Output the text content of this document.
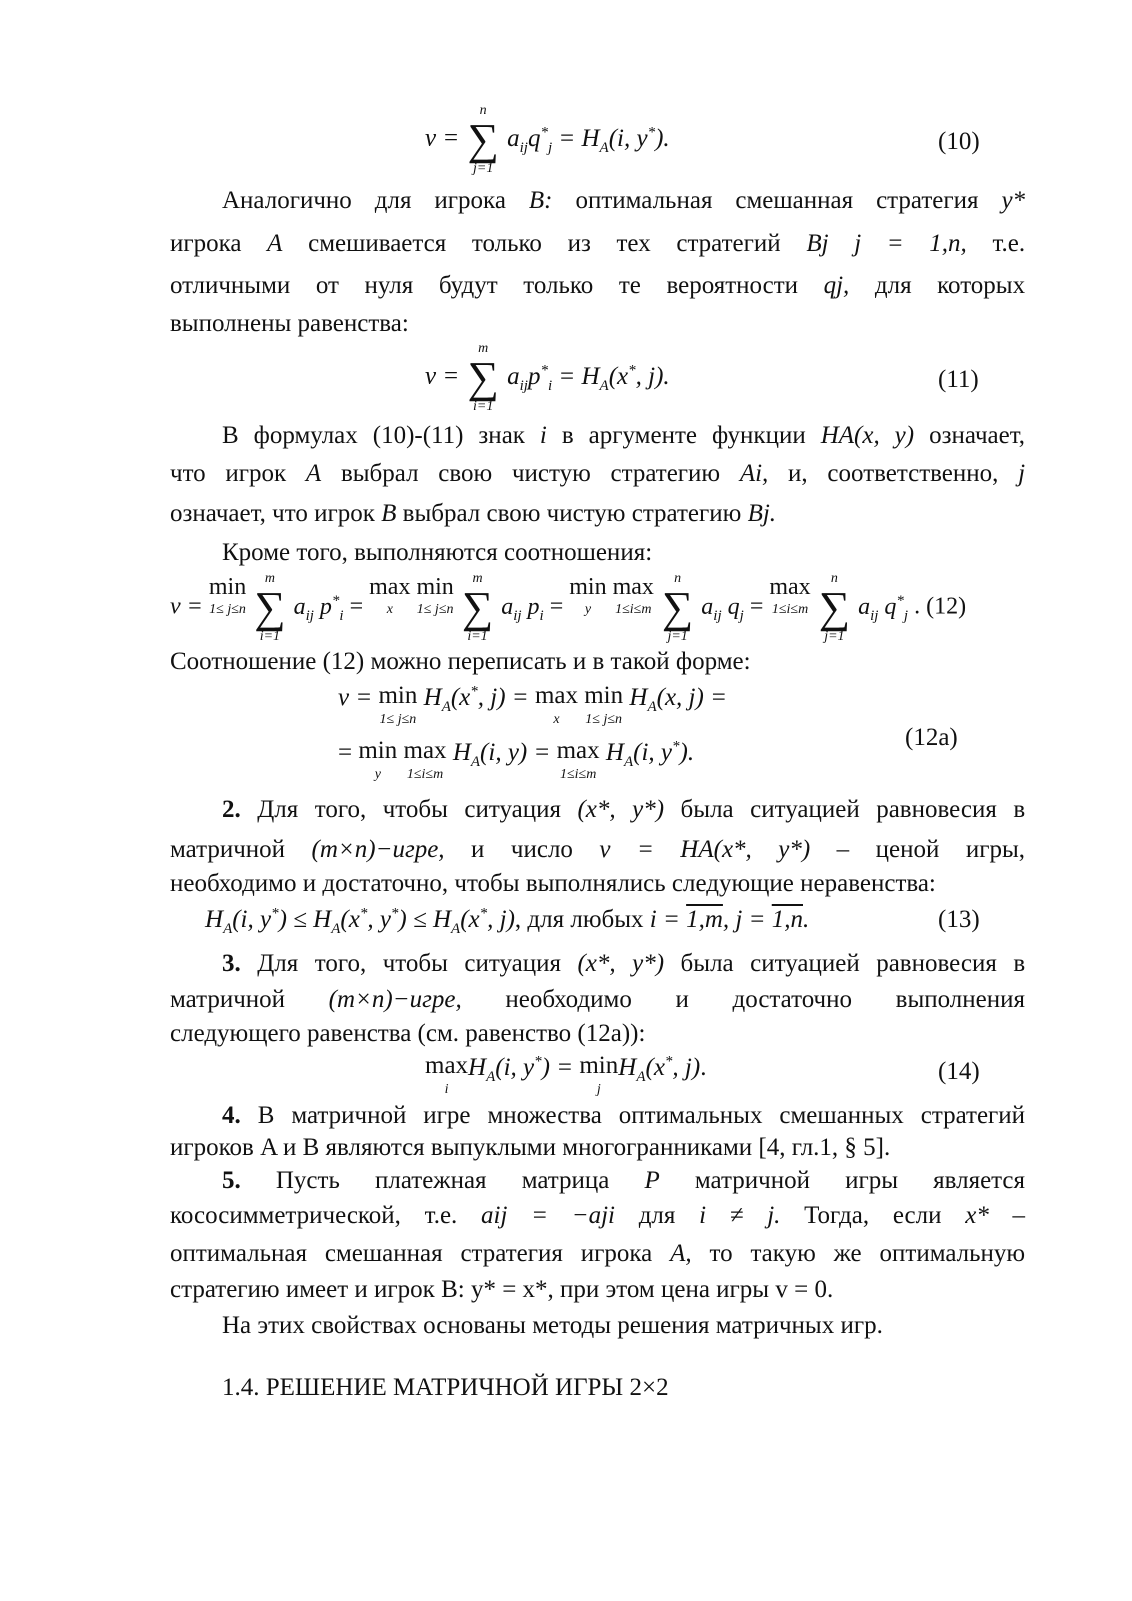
v =
n
∑
j=1
$a_{ij}q^*_j = H_A(i$, y*).	(10)
Аналогично для игрока B: оптимальная смешанная стратегия y*
игрока A смешивается только из тех стратегий Bj j = 1,n, т.е.
отличными от нуля будут только те вероятности qj, для которых
выполнены равенства:
v =
m
∑
i=1
$a_{ij}p^*_i = H_A(x^*$, j).	(11)
В формулах (10)-(11) знак i в аргументе функции HA(x, y) означает,
что игрок A выбрал свою чистую стратегию Ai, и, соответственно, j
означает, что игрок B выбрал свою чистую стратегию Bj.
Кроме того, выполняются соотношения:
v =
min
1≤ j≤n

m
∑
i=1
$a_{ij}$ $p^*_i$ =
max
x

min
1≤ j≤n

m
∑
i=1
$a_{ij}$ $p_i$ =
min
y

max
1≤i≤m

n
∑
j=1
$a_{ij}$ $q_j$ =
max
1≤i≤m

n
∑
j=1
$a_{ij}$ $q^*_j$ . (12)
Соотношение (12) можно переписать и в такой форме:
v = min
1≤ j≤n
$H_A(x^*$, j) = max
x

min
1≤ j≤n
$H_A(x$, j) =
= min
y

max
1≤i≤m
$H_A(i$, y) = max
1≤i≤m
$H_A(i$, y*).
(12a)
2. Для того, чтобы ситуация (x*, y*) была ситуацией равновесия в
матричной (m×n)−игре, и число v = HA(x*, y*) – ценой игры,
необходимо и достаточно, чтобы выполнялись следующие неравенства:
$H_A(i$, $y^*) \le H_A(x^*$, $y^*) \le H_A(x^*$, j), для любых i = 1,m, j = 1,n.	(13)
3. Для того, чтобы ситуация (x*, y*) была ситуацией равновесия в
матричной (m×n)−игре, необходимо и достаточно выполнения
следующего равенства (см. равенство (12а)):
max
i
$H_A(i$, y*) = min
j
$H_A(x^*$, j).	(14)
4. В матричной игре множества оптимальных смешанных стратегий
игроков A и B являются выпуклыми многогранниками [4, гл.1, § 5].
5. Пусть платежная матрица P матричной игры является
кососимметрической, т.е. aij = −aji для i ≠ j. Тогда, если x* –
оптимальная смешанная стратегия игрока A, то такую же оптимальную
стратегию имеет и игрок B: y* = x*, при этом цена игры v = 0.
На этих свойствах основаны методы решения матричных игр.
1.4. РЕШЕНИЕ МАТРИЧНОЙ ИГРЫ 2×2
